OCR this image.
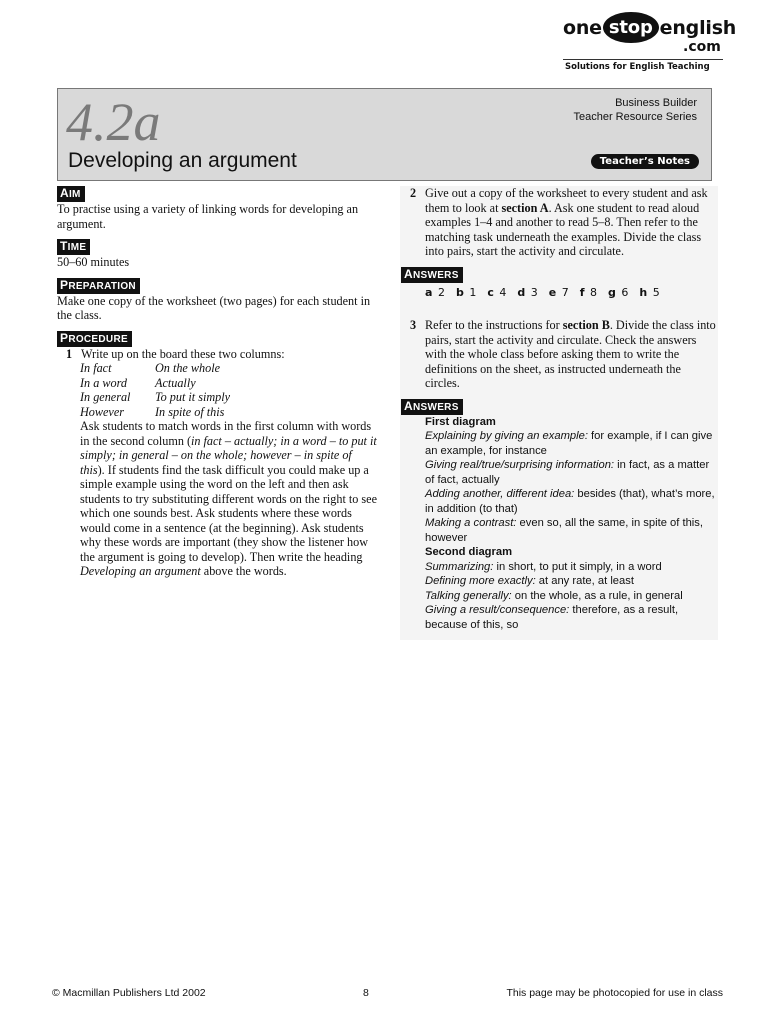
one stop english
.com
Solutions for English Teaching
4.2a
Developing an argument
Business Builder
Teacher Resource Series
Teacher’s Notes
AIM

To practise using a variety of linking words for developing an argument.

TIME

50–60 minutes

PREPARATION

Make one copy of the worksheet (two pages) for each student in the class.

PROCEDURE
1 Write up on the board these two columns:

In fact	On the whole
In a word	Actually
In general	To put it simply
However	In spite of this

Ask students to match words in the first column with words in the second column (in fact – actually; in a word – to put it simply; in general – on the whole; however – in spite of this). If students find the task difficult you could make up a simple example using the word on the left and then ask students to try substituting different words on the right to see which one sounds best. Ask students where these words would come in a sentence (at the beginning). Ask students why these words are important (they show the listener how the argument is going to develop). Then write the heading Developing an argument above the words.

2 Give out a copy of the worksheet to every student and ask them to look at section A. Ask one student to read aloud examples 1–4 and another to read 5–8. Then refer to the matching task underneath the examples. Divide the class into pairs, start the activity and circulate.

ANSWERS
a 2 b 1 c 4 d 3 e 7 f 8 g 6 h 5
3 Refer to the instructions for section B. Divide the class into pairs, start the activity and circulate. Check the answers with the whole class before asking them to write the definitions on the sheet, as instructed underneath the circles.

ANSWERS
First diagram

Explaining by giving an example: for example, if I can give an example, for instance

Giving real/true/surprising information: in fact, as a matter of fact, actually

Adding another, different idea: besides (that), what’s more, in addition (to that)

Making a contrast: even so, all the same, in spite of this, however

Second diagram

Summarizing: in short, to put it simply, in a word

Defining more exactly: at any rate, at least

Talking generally: on the whole, as a rule, in general

Giving a result/consequence: therefore, as a result, because of this, so

© Macmillan Publishers Ltd 2002	8	This page may be photocopied for use in class
